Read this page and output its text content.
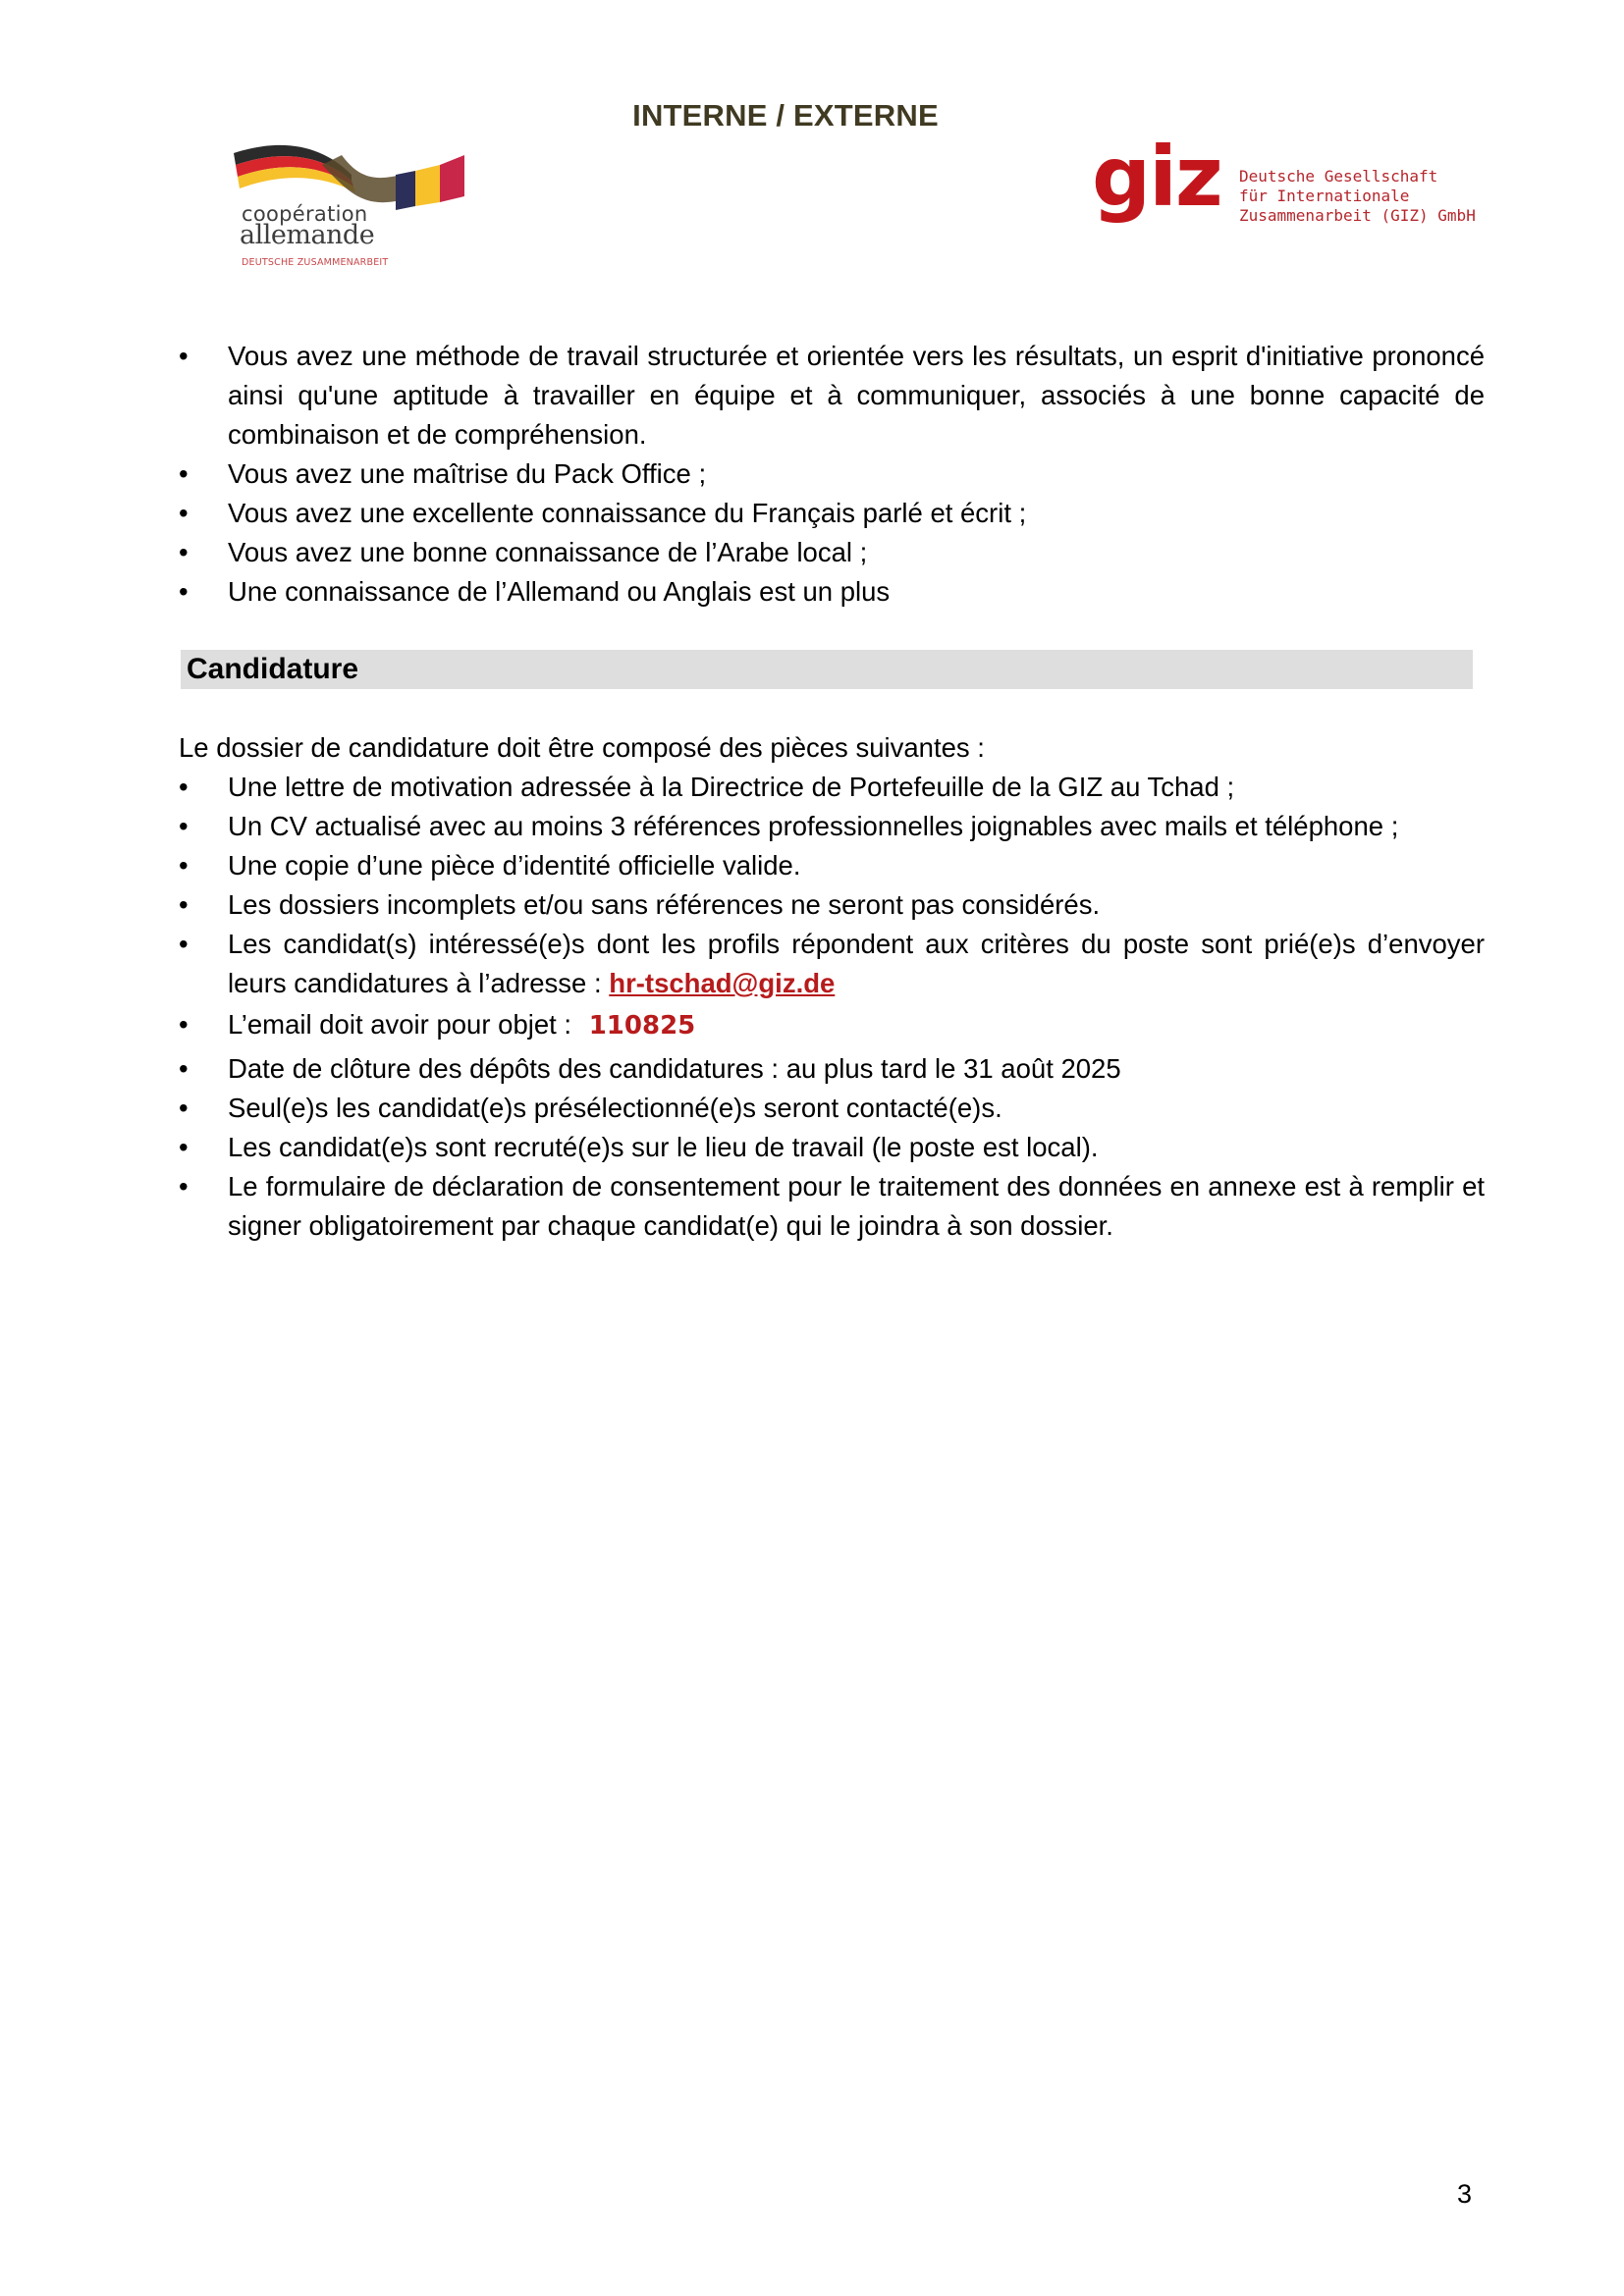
INTERNE / EXTERNE
coopération
allemande
DEUTSCHE ZUSAMMENARBEIT
giz Deutsche Gesellschaft
für Internationale
Zusammenarbeit (GIZ) GmbH
• Vous avez une méthode de travail structurée et orientée vers les résultats, un esprit d'initiative prononcé ainsi qu'une aptitude à travailler en équipe et à communiquer, associés à une bonne capacité de combinaison et de compréhension.
• Vous avez une maîtrise du Pack Office ;
• Vous avez une excellente connaissance du Français parlé et écrit ;
• Vous avez une bonne connaissance de l’Arabe local ;
• Une connaissance de l’Allemand ou Anglais est un plus
Candidature

Le dossier de candidature doit être composé des pièces suivantes :

• Une lettre de motivation adressée à la Directrice de Portefeuille de la GIZ au Tchad ;
• Un CV actualisé avec au moins 3 références professionnelles joignables avec mails et téléphone ;
• Une copie d’une pièce d’identité officielle valide.
• Les dossiers incomplets et/ou sans références ne seront pas considérés.
• Les candidat(s) intéressé(e)s dont les profils répondent aux critères du poste sont prié(e)s d’envoyer leurs candidatures à l’adresse : hr-tschad@giz.de
• L’email doit avoir pour objet : 110825
• Date de clôture des dépôts des candidatures : au plus tard le 31 août 2025
• Seul(e)s les candidat(e)s présélectionné(e)s seront contacté(e)s.
• Les candidat(e)s sont recruté(e)s sur le lieu de travail (le poste est local).
• Le formulaire de déclaration de consentement pour le traitement des données en annexe est à remplir et signer obligatoirement par chaque candidat(e) qui le joindra à son dossier.
3
